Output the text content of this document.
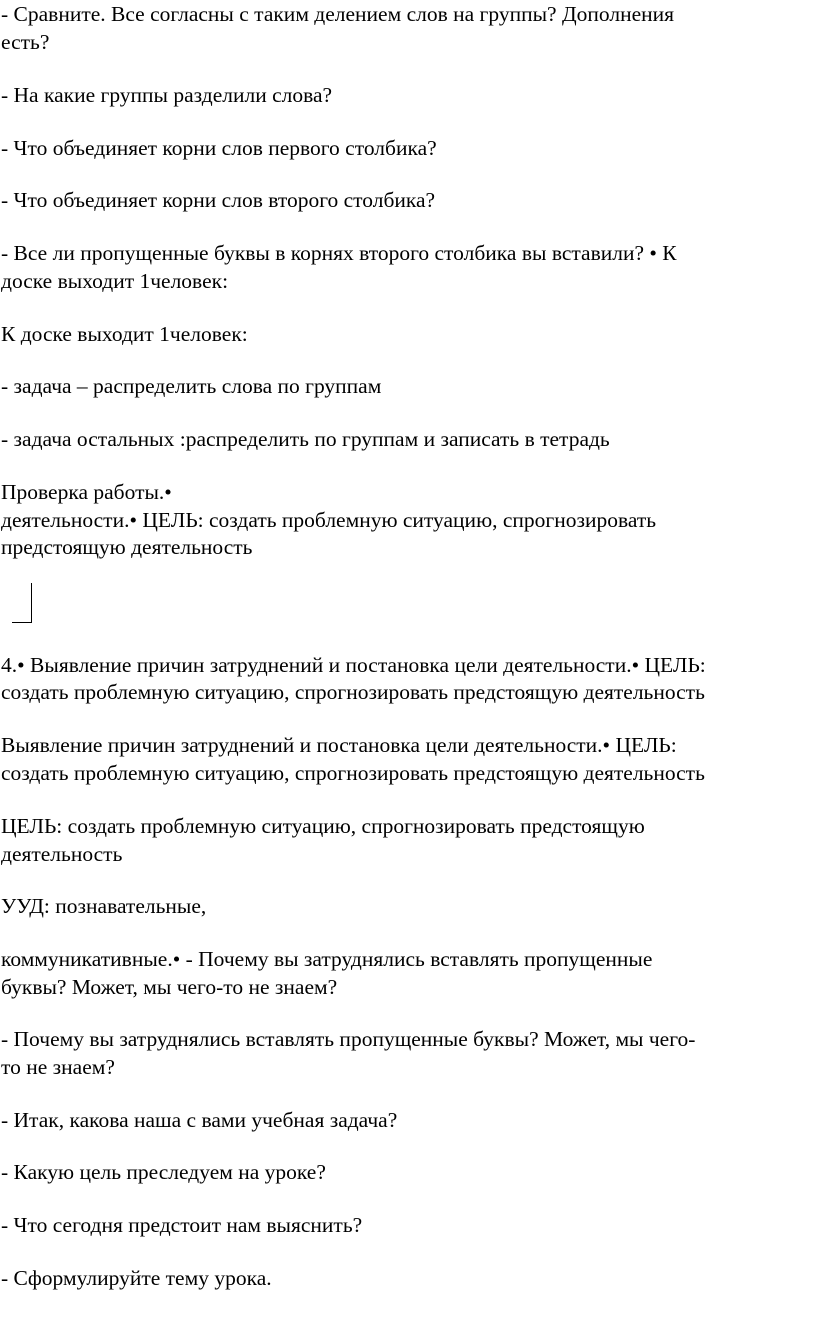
- Сравните. Все согласны с таким делением слов на группы? Дополнения

есть?

- На какие группы разделили слова?

- Что объединяет корни слов первого столбика?

- Что объединяет корни слов второго столбика?

- Все ли пропущенные буквы в корнях второго столбика вы вставили? • К

доске выходит 1человек:

К доске выходит 1человек:

- задача – распределить слова по группам

- задача остальных :распределить по группам и записать в тетрадь

Проверка работы.•

деятельности.• ЦЕЛЬ: создать проблемную ситуацию, спрогнозировать

предстоящую деятельность

4.• Выявление причин затруднений и постановка цели деятельности.• ЦЕЛЬ:

создать проблемную ситуацию, спрогнозировать предстоящую деятельность

Выявление причин затруднений и постановка цели деятельности.• ЦЕЛЬ:

создать проблемную ситуацию, спрогнозировать предстоящую деятельность

ЦЕЛЬ: создать проблемную ситуацию, спрогнозировать предстоящую

деятельность

УУД: познавательные,

коммуникативные.• - Почему вы затруднялись вставлять пропущенные

буквы? Может, мы чего-то не знаем?

- Почему вы затруднялись вставлять пропущенные буквы? Может, мы чего-

то не знаем?

- Итак, какова наша с вами учебная задача?

- Какую цель преследуем на уроке?

- Что сегодня предстоит нам выяснить?

- Сформулируйте тему урока.
